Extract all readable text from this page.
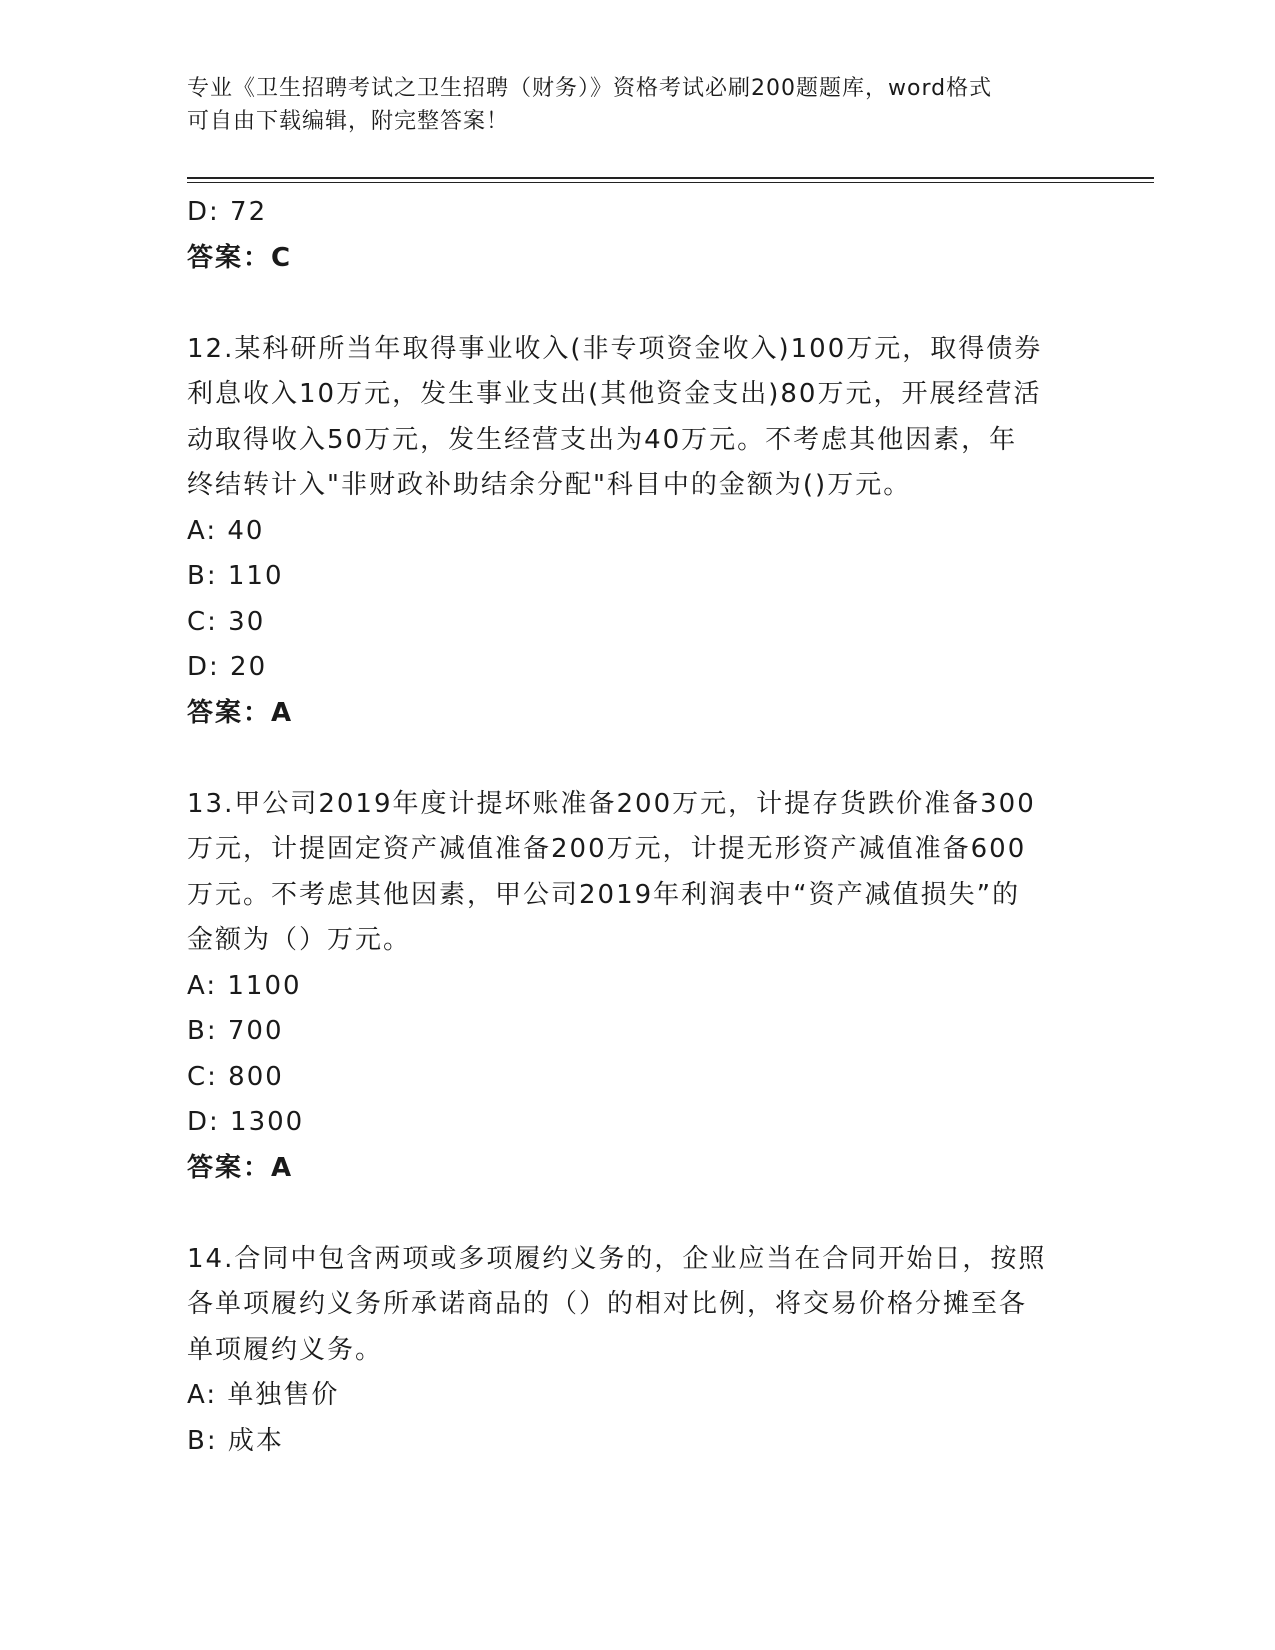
专业《卫生招聘考试之卫生招聘（财务）》资格考试必刷200题题库，word格式
可自由下载编辑，附完整答案！
D: 72
答案：C
12.某科研所当年取得事业收入(非专项资金收入)100万元，取得债券
利息收入10万元，发生事业支出(其他资金支出)80万元，开展经营活
动取得收入50万元，发生经营支出为40万元。不考虑其他因素，年
终结转计入"非财政补助结余分配"科目中的金额为()万元。
A: 40
B: 110
C: 30
D: 20
答案：A
13.甲公司2019年度计提坏账准备200万元，计提存货跌价准备300
万元，计提固定资产减值准备200万元，计提无形资产减值准备600
万元。不考虑其他因素，甲公司2019年利润表中“资产减值损失”的
金额为（）万元。
A: 1100
B: 700
C: 800
D: 1300
答案：A
14.合同中包含两项或多项履约义务的，企业应当在合同开始日，按照
各单项履约义务所承诺商品的（）的相对比例，将交易价格分摊至各
单项履约义务。
A: 单独售价
B: 成本
